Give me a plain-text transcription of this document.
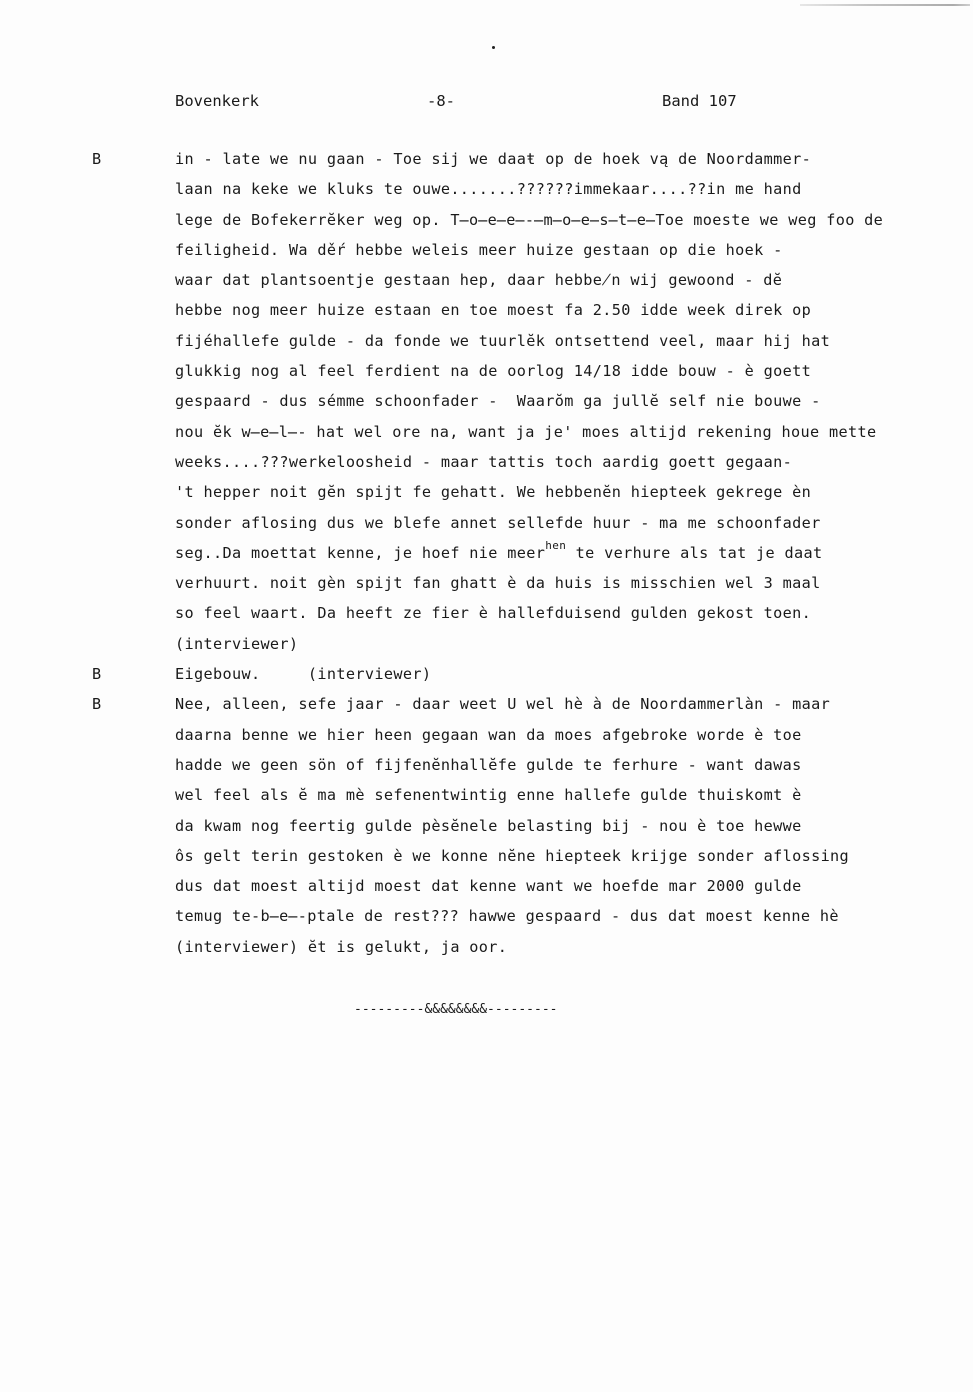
Bovenkerk	-8-	Band 107
B	in - late we nu gaan - Toe sij we daaŧ op de hoek vą de Noordammer-
laan na keke we kluks te ouwe.......??????immekaar....??in me hand
lege de Bofekerrĕker weg op. T̶o̶e̶e̶-̶m̶o̶e̶s̶t̶e̶Toe moeste we weg foo de
feiligheid. Wa děŕ hebbe weleis meer huize gestaan op die hoek -
waar dat plantsoentje gestaan hep, daar hebbe̸n wij gewoond - dĕ
hebbe nog meer huize estaan en toe moest fa 2.50 idde week direk op
fijéhallefe gulde - da fonde we tuurlĕk ontsettend veel, maar hij hat
glukkig nog al feel ferdient na de oorlog 14/18 idde bouw - è goett
gespaard - dus sémme schoonfader -  Waarŏm ga jullĕ self nie bouwe -
nou ĕk w̶e̶l̶- hat wel ore na, want ja je' moes altijd rekening houe mette
weeks....???werkeloosheid - maar tattis toch aardig goett gegaan-
't hepper noit gĕn spijt fe gehatt. We hebbenĕn hiepteek gekrege èn
sonder aflosing dus we blefe annet sellefde huur - ma me schoonfader
seg..Da moettat kenne, je hoef nie meer$^{hen}$ te verhure als tat je daat
verhuurt. noit gèn spijt fan ghatt è da huis is misschien wel 3 maal
so feel waart. Da heeft ze fier è hallefduisend gulden gekost toen.
(interviewer)
B	Eigebouw.     (interviewer)
B	Nee, alleen, sefe jaar - daar weet U wel hè à de Noordammerlàn - maar
daarna benne we hier heen gegaan wan da moes afgebroke worde è toe
hadde we geen sön of fijfenĕnhallĕfe gulde te ferhure - want dawas
wel feel als ĕ ma mè sefenentwintig enne hallefe gulde thuiskomt è
da kwam nog feertig gulde pèsĕnele belasting bij - nou è toe hewwe
ôs gelt terin gestoken è we konne nĕne hiepteek krijge sonder aflossing
dus dat moest altijd moest dat kenne want we hoefde mar 2000 gulde
temug te-b̶e̶-ptale de rest??? hawwe gespaard - dus dat moest kenne hè
(interviewer) ĕt is gelukt, ja oor.
---------&&&&&&&&---------
